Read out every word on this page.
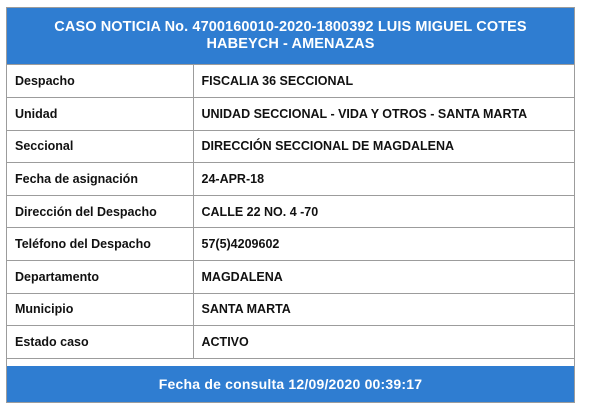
CASO NOTICIA No. 4700160010-2020-1800392 LUIS MIGUEL COTES
HABEYCH - AMENAZAS
Despacho	FISCALIA 36 SECCIONAL
Unidad	UNIDAD SECCIONAL - VIDA Y OTROS - SANTA MARTA
Seccional	DIRECCIÓN SECCIONAL DE MAGDALENA
Fecha de asignación	24-APR-18
Dirección del Despacho	CALLE 22 NO. 4 -70
Teléfono del Despacho	57(5)4209602
Departamento	MAGDALENA
Municipio	SANTA MARTA
Estado caso	ACTIVO
Fecha de consulta 12/09/2020 00:39:17
